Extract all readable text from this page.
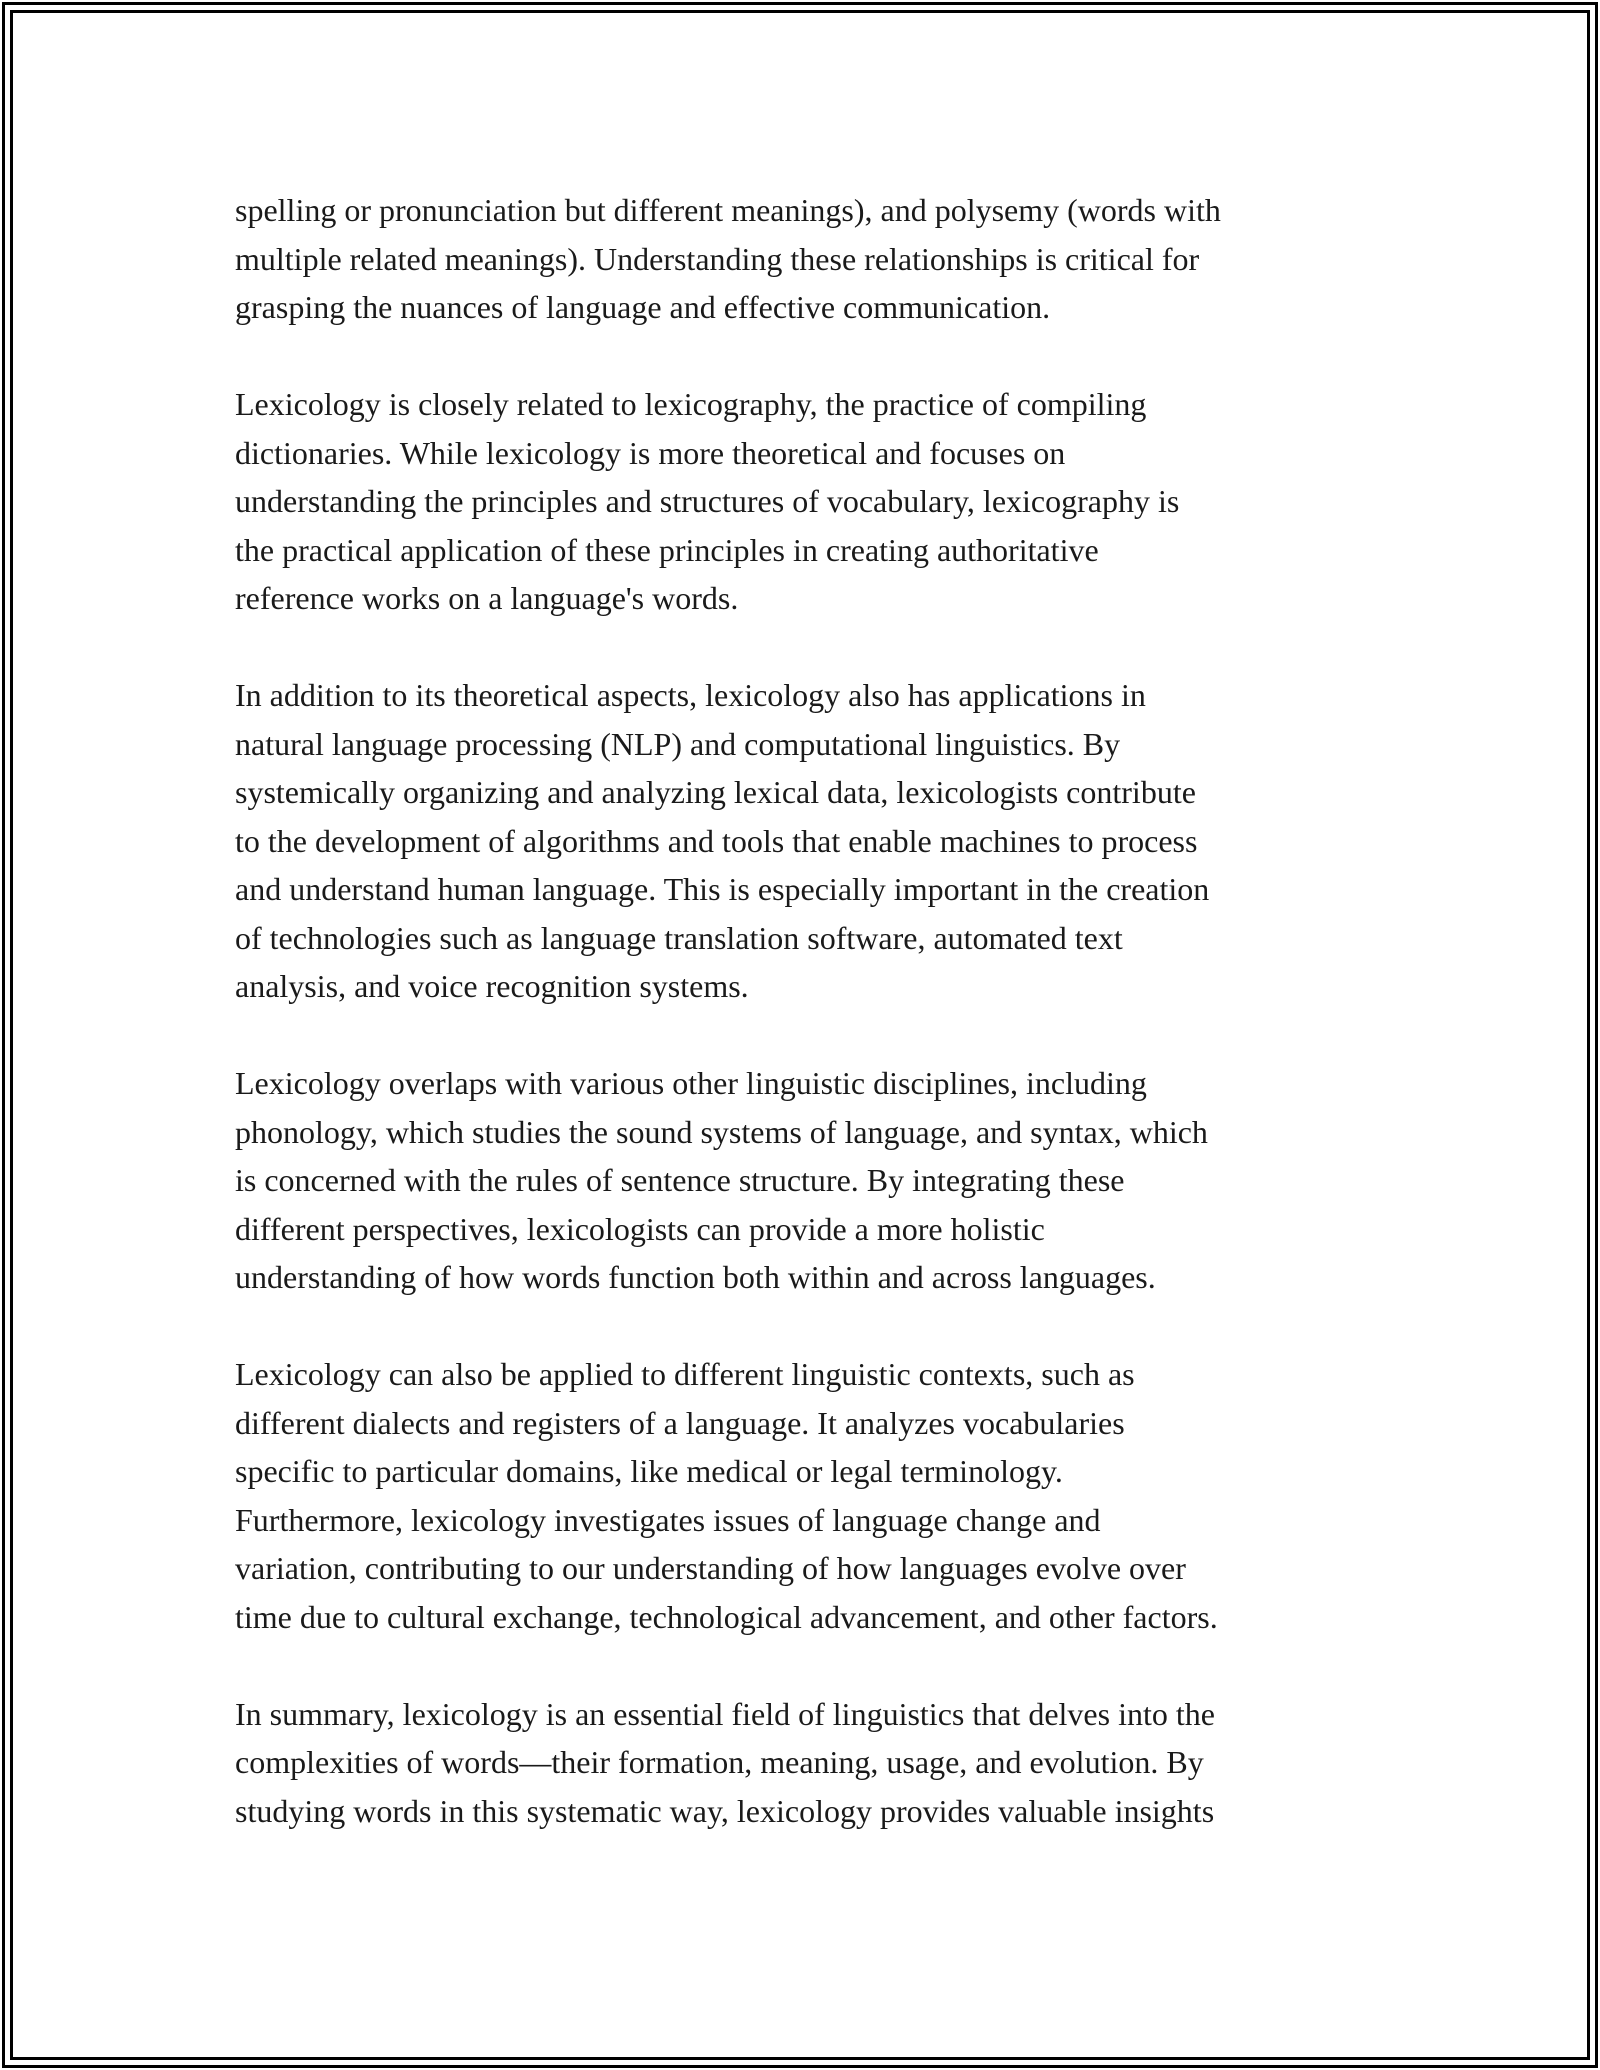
spelling or pronunciation but different meanings), and polysemy (words with
multiple related meanings). Understanding these relationships is critical for
grasping the nuances of language and effective communication.

Lexicology is closely related to lexicography, the practice of compiling
dictionaries. While lexicology is more theoretical and focuses on
understanding the principles and structures of vocabulary, lexicography is
the practical application of these principles in creating authoritative
reference works on a language's words.

In addition to its theoretical aspects, lexicology also has applications in
natural language processing (NLP) and computational linguistics. By
systemically organizing and analyzing lexical data, lexicologists contribute
to the development of algorithms and tools that enable machines to process
and understand human language. This is especially important in the creation
of technologies such as language translation software, automated text
analysis, and voice recognition systems.

Lexicology overlaps with various other linguistic disciplines, including
phonology, which studies the sound systems of language, and syntax, which
is concerned with the rules of sentence structure. By integrating these
different perspectives, lexicologists can provide a more holistic
understanding of how words function both within and across languages.

Lexicology can also be applied to different linguistic contexts, such as
different dialects and registers of a language. It analyzes vocabularies
specific to particular domains, like medical or legal terminology.
Furthermore, lexicology investigates issues of language change and
variation, contributing to our understanding of how languages evolve over
time due to cultural exchange, technological advancement, and other factors.

In summary, lexicology is an essential field of linguistics that delves into the
complexities of words—their formation, meaning, usage, and evolution. By
studying words in this systematic way, lexicology provides valuable insights
